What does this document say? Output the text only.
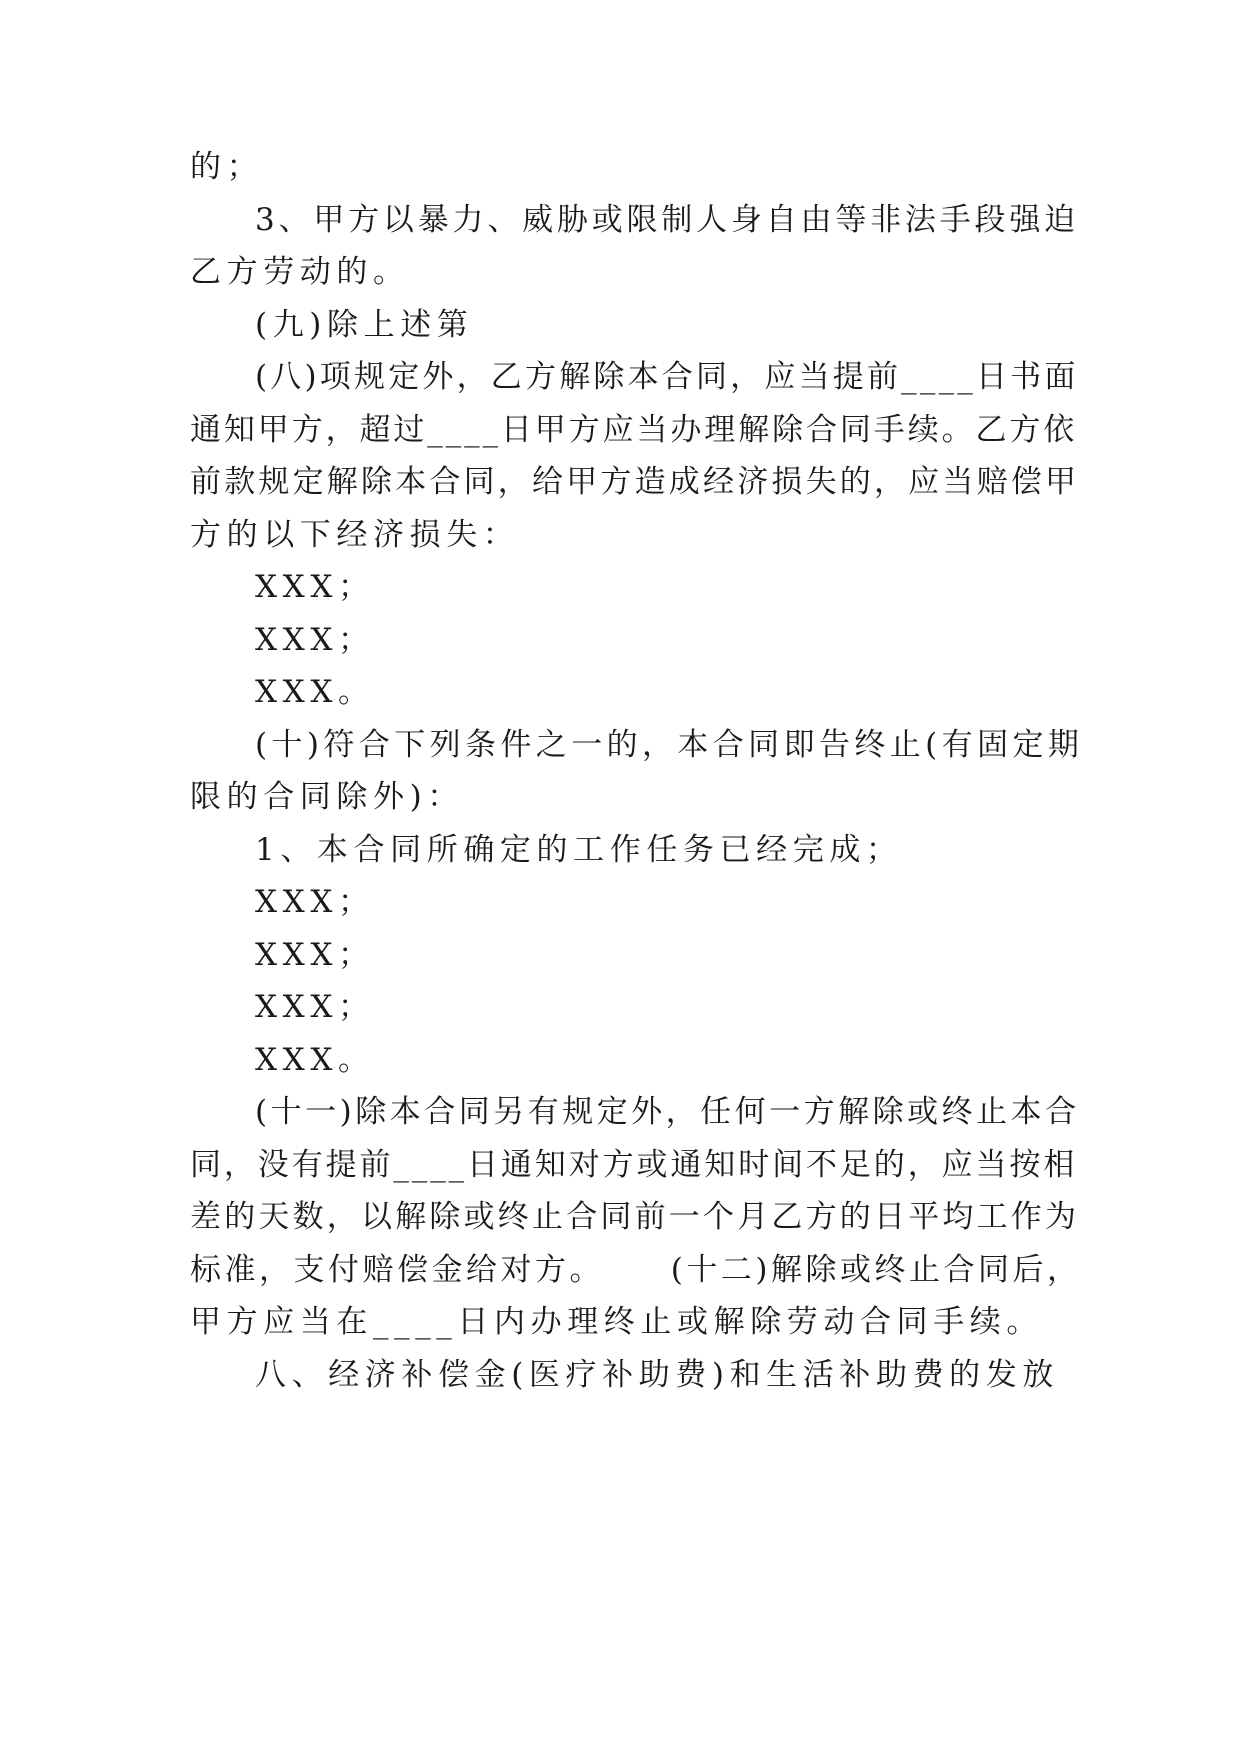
的；

3、甲方以暴力、威胁或限制人身自由等非法手段强迫

乙方劳动的。

(九)除上述第

(八)项规定外，乙方解除本合同，应当提前____日书面

通知甲方，超过____日甲方应当办理解除合同手续。乙方依

前款规定解除本合同，给甲方造成经济损失的，应当赔偿甲

方的以下经济损失：

XXX；

XXX；

XXX。

(十)符合下列条件之一的，本合同即告终止(有固定期

限的合同除外)：

1、本合同所确定的工作任务已经完成；

XXX；

XXX；

XXX；

XXX。

(十一)除本合同另有规定外，任何一方解除或终止本合

同，没有提前____日通知对方或通知时间不足的，应当按相

差的天数，以解除或终止合同前一个月乙方的日平均工作为

标准，支付赔偿金给对方。     (十二)解除或终止合同后，

甲方应当在____日内办理终止或解除劳动合同手续。

八、经济补偿金(医疗补助费)和生活补助费的发放
